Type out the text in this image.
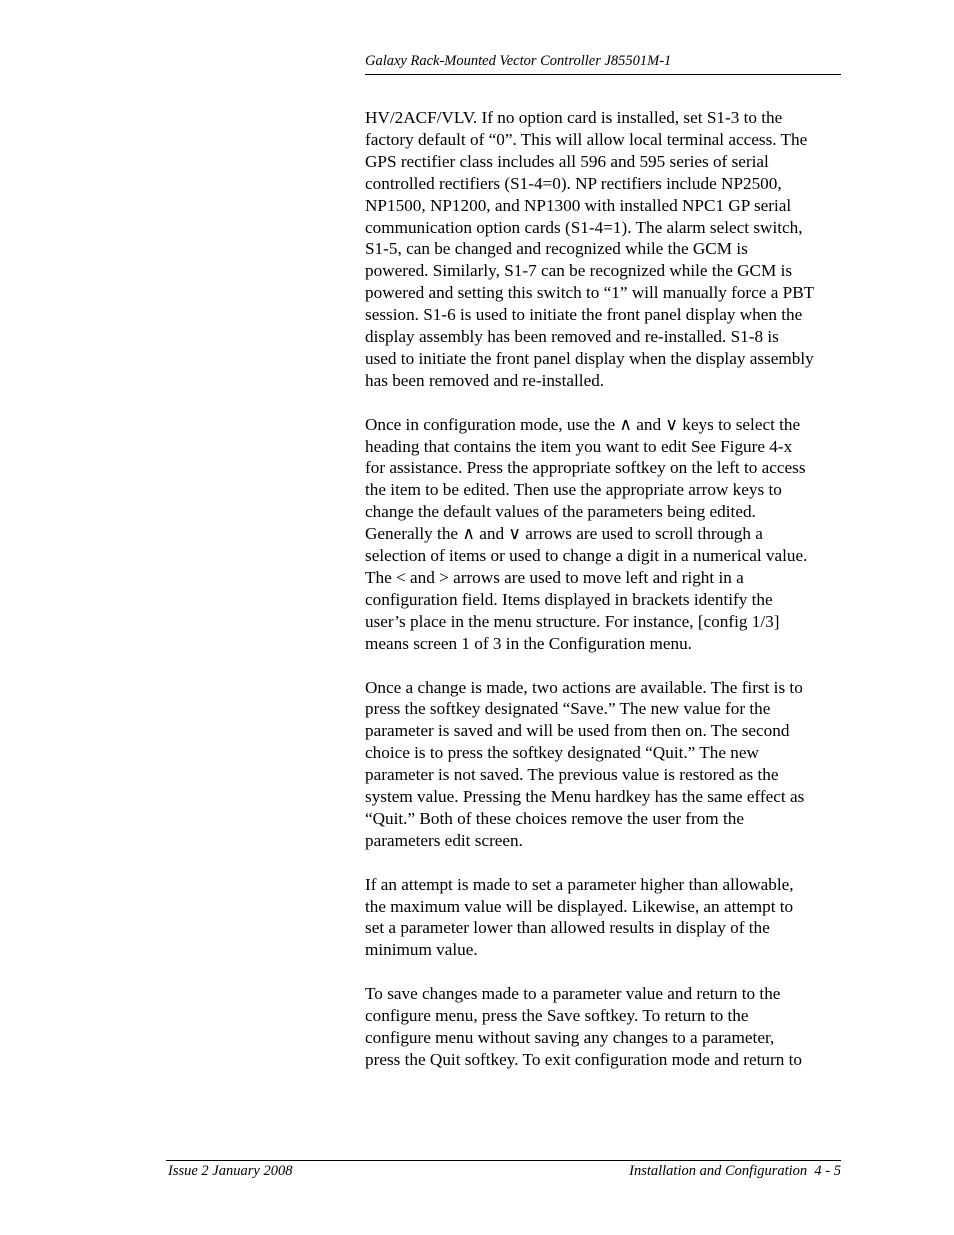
Galaxy Rack-Mounted Vector Controller J85501M-1

HV/2ACF/VLV. If no option card is installed, set S1-3 to the
factory default of “0”. This will allow local terminal access. The
GPS rectifier class includes all 596 and 595 series of serial
controlled rectifiers (S1-4=0). NP rectifiers include NP2500,
NP1500, NP1200, and NP1300 with installed NPC1 GP serial
communication option cards (S1-4=1). The alarm select switch,
S1-5, can be changed and recognized while the GCM is
powered. Similarly, S1-7 can be recognized while the GCM is
powered and setting this switch to “1” will manually force a PBT
session. S1-6 is used to initiate the front panel display when the
display assembly has been removed and re-installed. S1-8 is
used to initiate the front panel display when the display assembly
has been removed and re-installed.

Once in configuration mode, use the ∧ and ∨ keys to select the
heading that contains the item you want to edit See Figure 4-x
for assistance. Press the appropriate softkey on the left to access
the item to be edited. Then use the appropriate arrow keys to
change the default values of the parameters being edited.
Generally the ∧ and ∨ arrows are used to scroll through a
selection of items or used to change a digit in a numerical value.
The < and > arrows are used to move left and right in a
configuration field. Items displayed in brackets identify the
user’s place in the menu structure. For instance, [config 1/3]
means screen 1 of 3 in the Configuration menu.

Once a change is made, two actions are available. The first is to
press the softkey designated “Save.” The new value for the
parameter is saved and will be used from then on. The second
choice is to press the softkey designated “Quit.” The new
parameter is not saved. The previous value is restored as the
system value. Pressing the Menu hardkey has the same effect as
“Quit.” Both of these choices remove the user from the
parameters edit screen.

If an attempt is made to set a parameter higher than allowable,
the maximum value will be displayed. Likewise, an attempt to
set a parameter lower than allowed results in display of the
minimum value.

To save changes made to a parameter value and return to the
configure menu, press the Save softkey. To return to the
configure menu without saving any changes to a parameter,
press the Quit softkey. To exit configuration mode and return to

Issue 2 January 2008	Installation and Configuration  4 - 5
